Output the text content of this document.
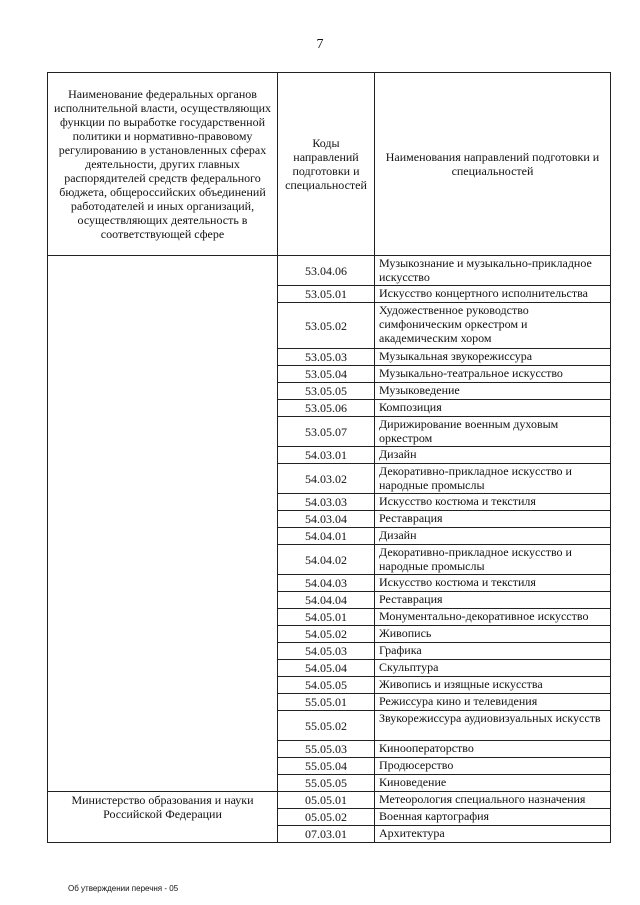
7
Наименование федеральных органов исполнительной власти, осуществляющих функции по выработке государственной политики и нормативно-правовому регулированию в установленных сферах деятельности, других главных распорядителей средств федерального бюджета, общероссийских объединений работодателей и иных организаций, осуществляющих деятельность в соответствующей сфере	Коды направлений подготовки и специальностей	Наименования направлений подготовки и специальностей
	53.04.06	Музыкознание и музыкально-прикладное искусство
	53.05.01	Искусство концертного исполнительства
	53.05.02	Художественное руководство симфоническим оркестром и академическим хором
	53.05.03	Музыкальная звукорежиссура
	53.05.04	Музыкально-театральное искусство
	53.05.05	Музыковедение
	53.05.06	Композиция
	53.05.07	Дирижирование военным духовым оркестром
	54.03.01	Дизайн
	54.03.02	Декоративно-прикладное искусство и народные промыслы
	54.03.03	Искусство костюма и текстиля
	54.03.04	Реставрация
	54.04.01	Дизайн
	54.04.02	Декоративно-прикладное искусство и народные промыслы
	54.04.03	Искусство костюма и текстиля
	54.04.04	Реставрация
	54.05.01	Монументально-декоративное искусство
	54.05.02	Живопись
	54.05.03	Графика
	54.05.04	Скульптура
	54.05.05	Живопись и изящные искусства
	55.05.01	Режиссура кино и телевидения
	55.05.02	Звукорежиссура аудиовизуальных искусств
	55.05.03	Кинооператорство
	55.05.04	Продюсерство
	55.05.05	Киноведение
Министерство образования и науки Российской Федерации	05.05.01	Метеорология специального назначения
	05.05.02	Военная картография
	07.03.01	Архитектура
Об утверждении перечня - 05
